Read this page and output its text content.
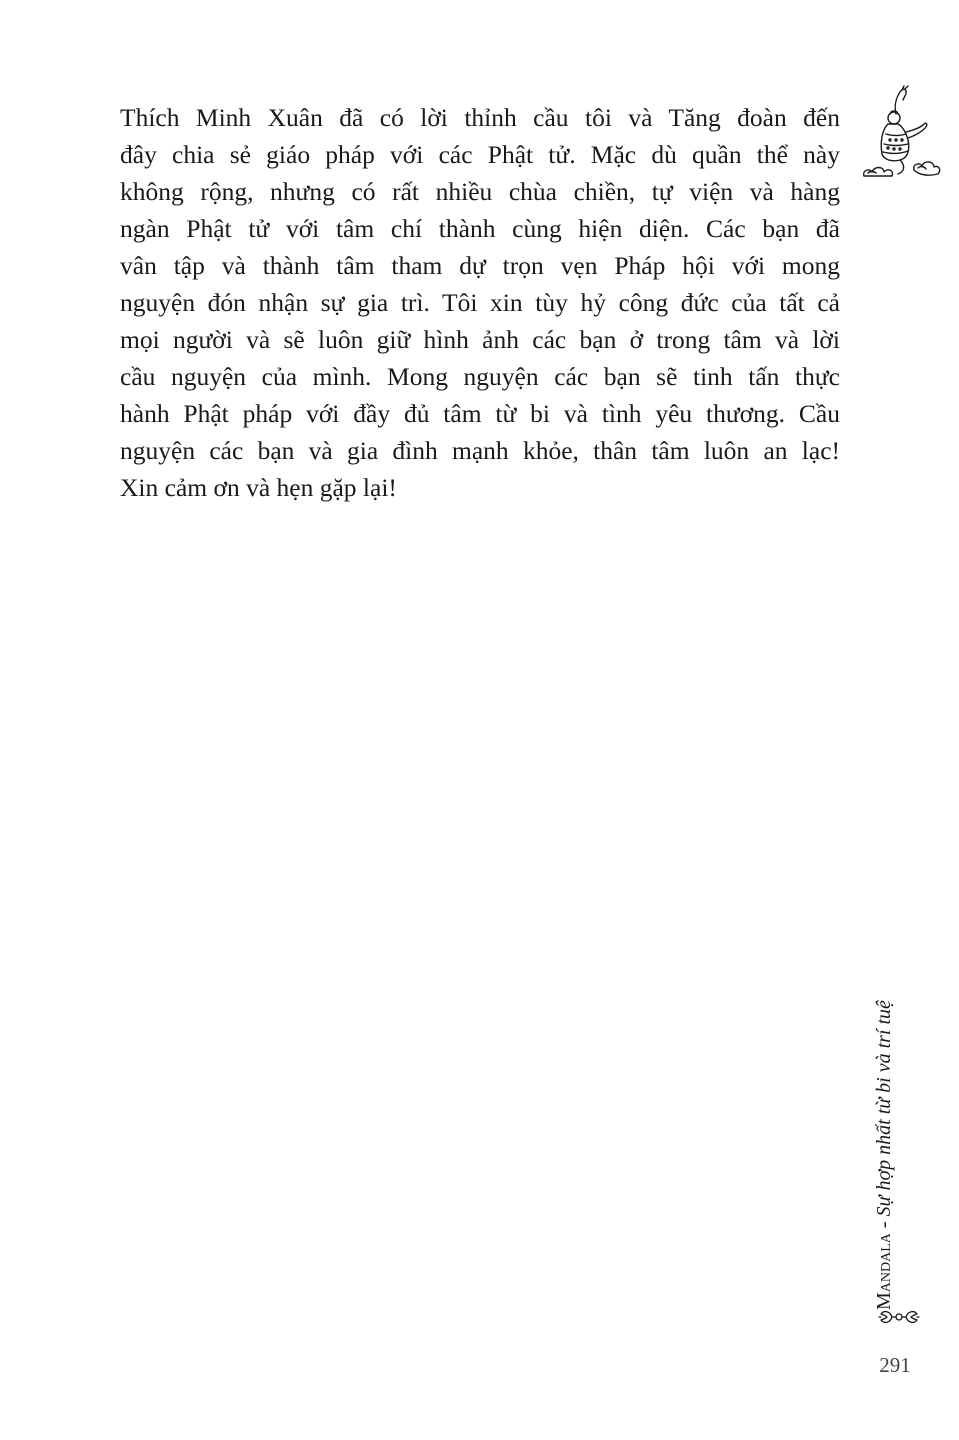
Thích Minh Xuân đã có lời thỉnh cầu tôi và Tăng đoàn đến
đây chia sẻ giáo pháp với các Phật tử. Mặc dù quần thể này
không rộng, nhưng có rất nhiều chùa chiền, tự viện và hàng
ngàn Phật tử với tâm chí thành cùng hiện diện. Các bạn đã
vân tập và thành tâm tham dự trọn vẹn Pháp hội với mong
nguyện đón nhận sự gia trì. Tôi xin tùy hỷ công đức của tất cả
mọi người và sẽ luôn giữ hình ảnh các bạn ở trong tâm và lời
cầu nguyện của mình. Mong nguyện các bạn sẽ tinh tấn thực
hành Phật pháp với đầy đủ tâm từ bi và tình yêu thương. Cầu
nguyện các bạn và gia đình mạnh khỏe, thân tâm luôn an lạc!
Xin cảm ơn và hẹn gặp lại!
Mandala - Sự hợp nhất từ bi và trí tuệ
291
